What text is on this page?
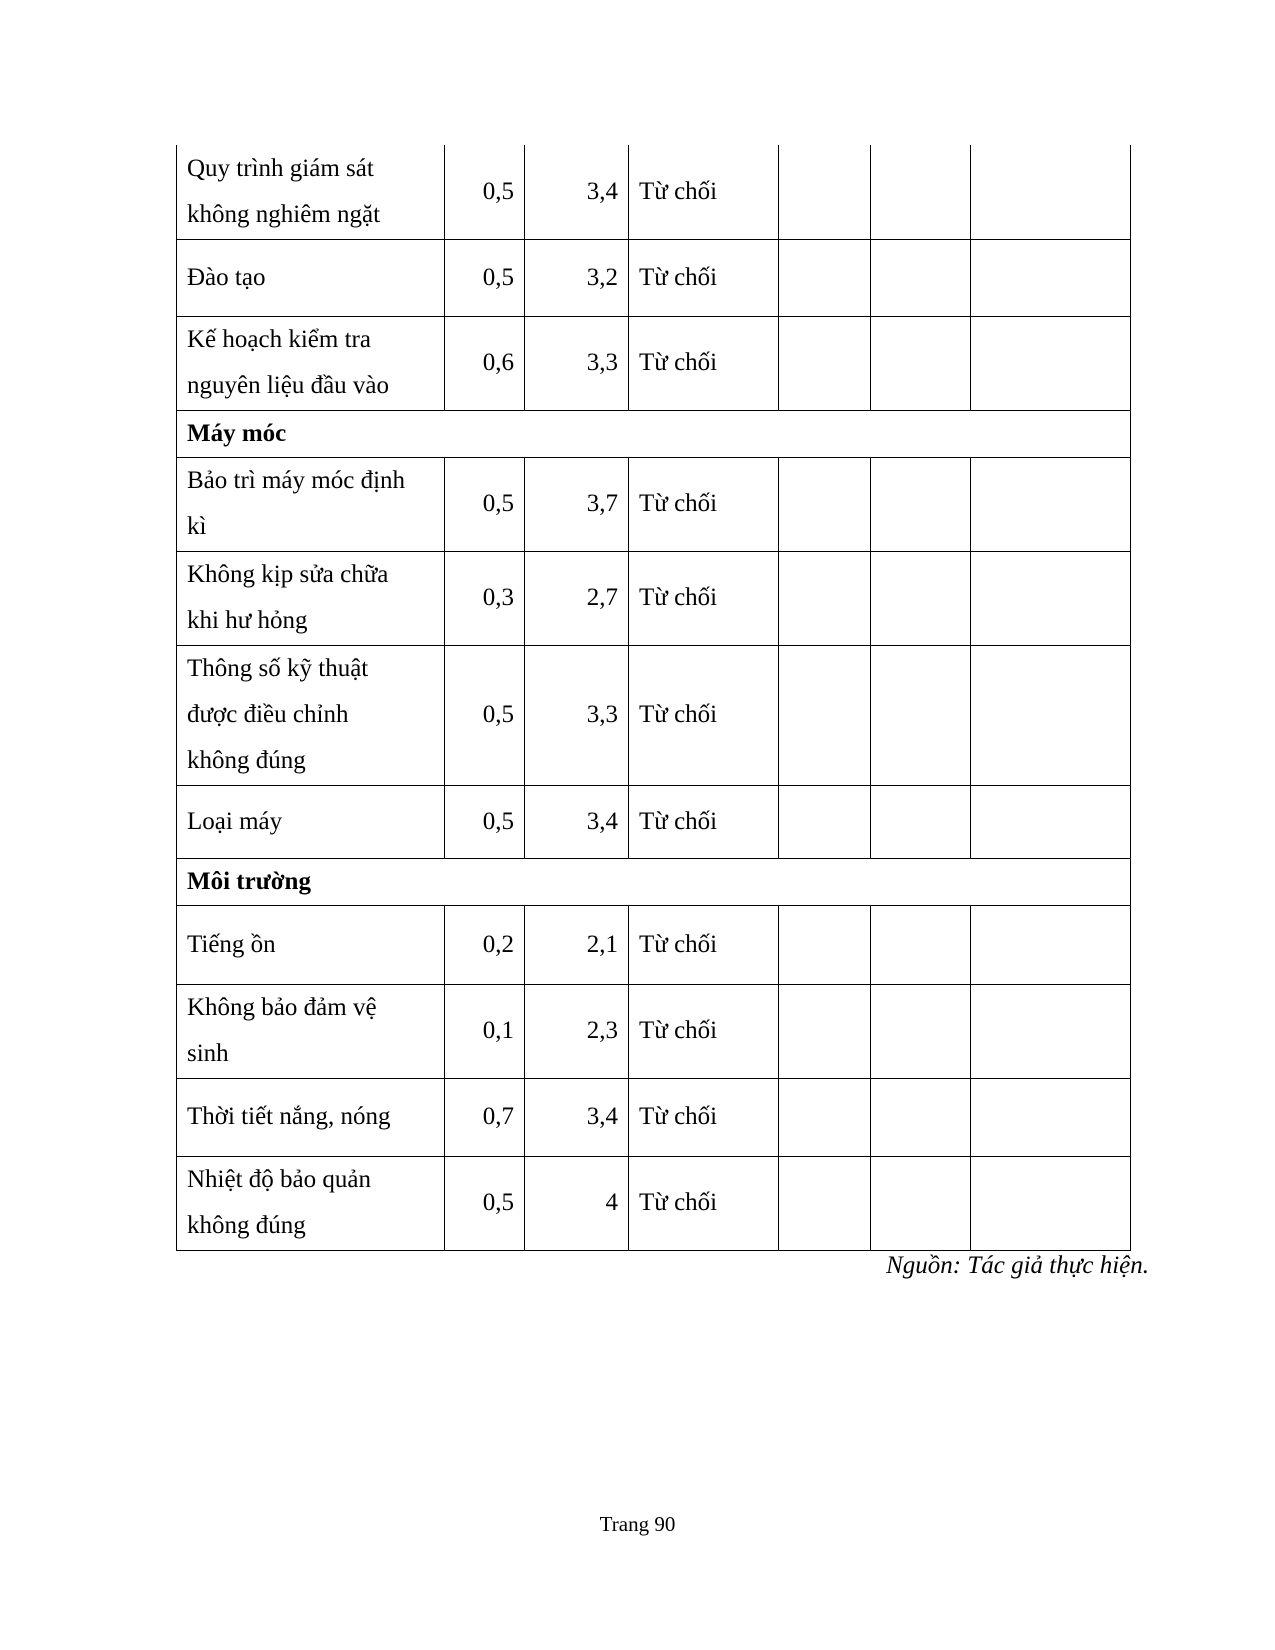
Quy trình giám sát
không nghiêm ngặt	0,5	3,4	Từ chối			

Đào tạo	0,5	3,2	Từ chối			

Kế hoạch kiểm tra
nguyên liệu đầu vào	0,6	3,3	Từ chối			
Máy móc						

Bảo trì máy móc định
kì	0,5	3,7	Từ chối			

Không kịp sửa chữa
khi hư hỏng	0,3	2,7	Từ chối			

Thông số kỹ thuật
được điều chỉnh
không đúng	0,5	3,3	Từ chối			

Loại máy	0,5	3,4	Từ chối			
Môi trường						

Tiếng ồn	0,2	2,1	Từ chối			

Không bảo đảm vệ
sinh	0,1	2,3	Từ chối			

Thời tiết nắng, nóng	0,7	3,4	Từ chối			

Nhiệt độ bảo quản
không đúng	0,5	4	Từ chối			
Nguồn: Tác giả thực hiện.
Trang 90
